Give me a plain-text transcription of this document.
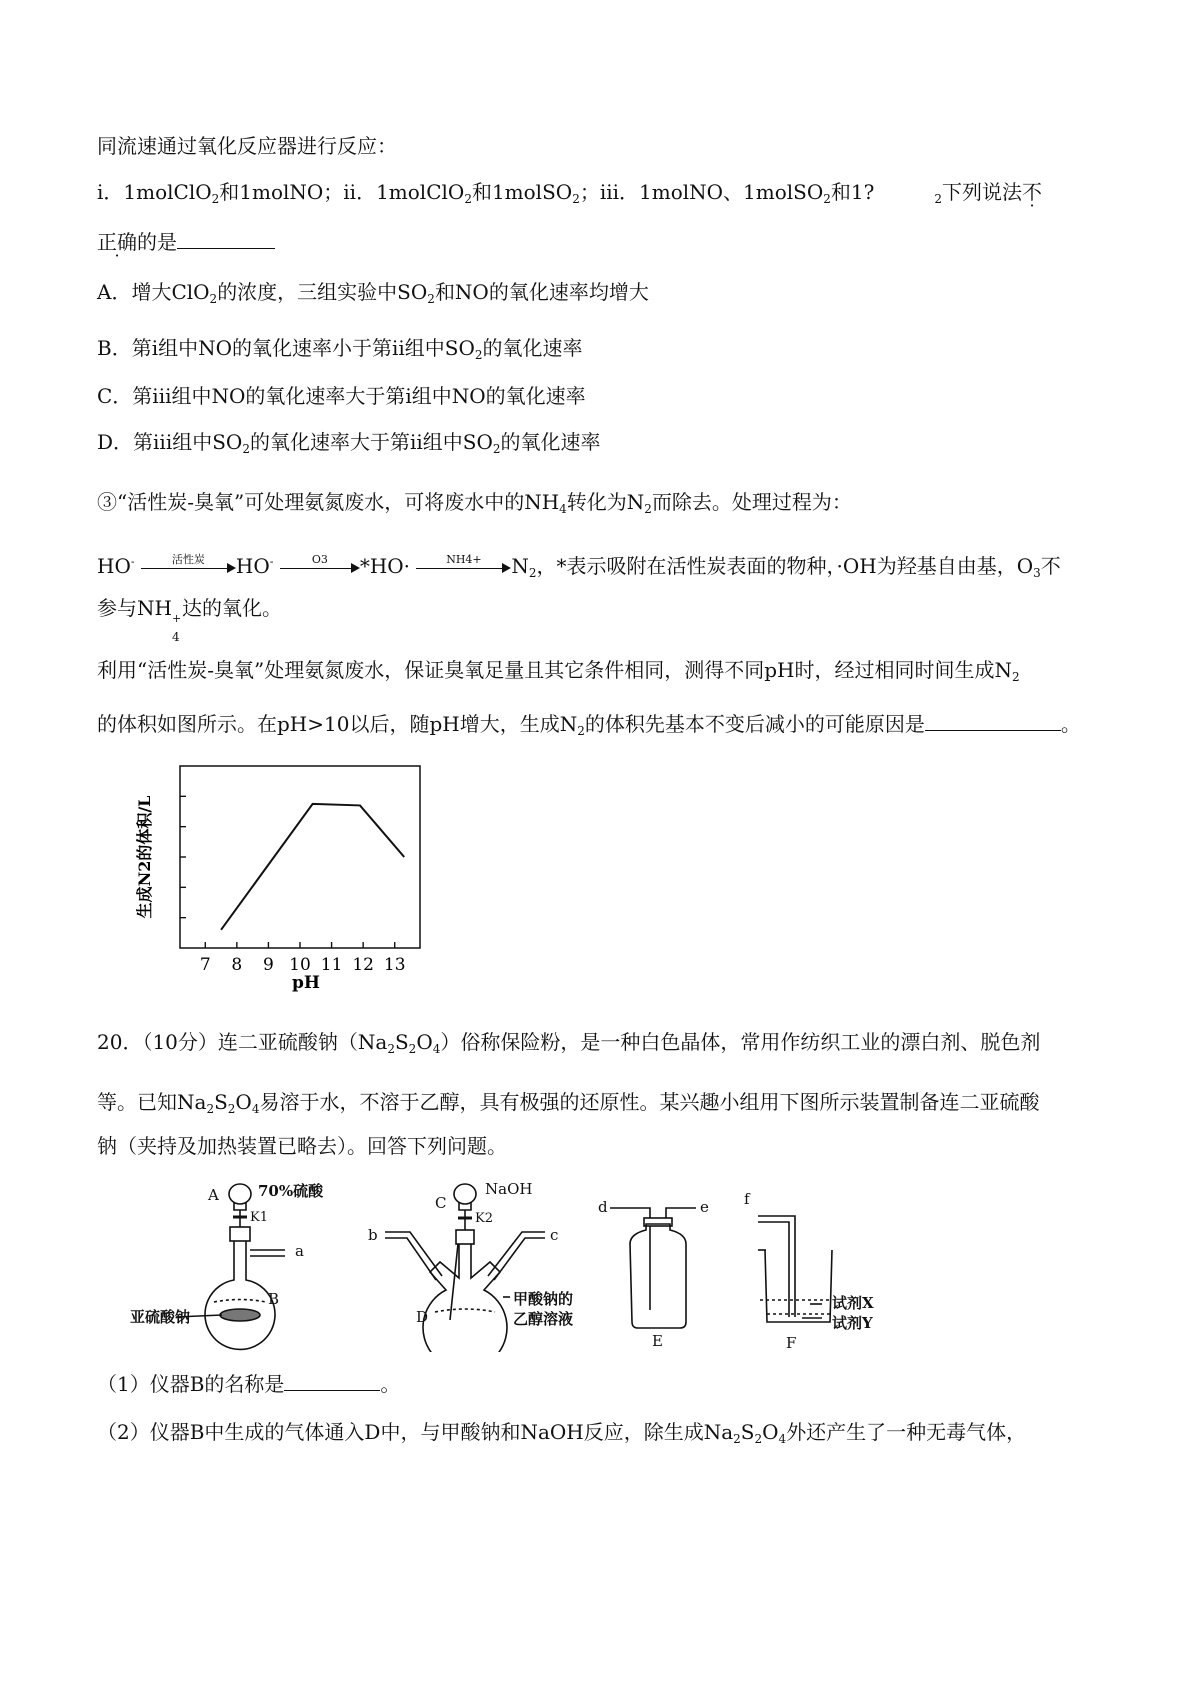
同流速通过氧化反应器进行反应：
i．1molClO$_2$和1molNO；ii．1molClO$_2$和1molSO$_2$；iii．1molNO、1molSO$_2$和1?	$_2$下列说法不
正确的是
A．增大ClO$_2$的浓度，三组实验中$SO_2$和NO的氧化速率均增大
B．第i组中NO的氧化速率小于第ii组中$SO_2$的氧化速率
C．第iii组中NO的氧化速率大于第i组中NO的氧化速率
D．第iii组中$SO_2$的氧化速率大于第ii组中$SO_2$的氧化速率
③“活性炭-臭氧”可处理氨氮废水，可将废水中的$NH_4$转化为$N_2$而除去。处理过程为：
HO-	活性炭	HO-	O3	*HO·	NH4+	$N_2$，*表示吸附在活性炭表面的物种，·OH为羟基自由基，$O_3$不
参与NH +
4
达的氧化。
利用“活性炭-臭氧”处理氨氮废水，保证臭氧足量且其它条件相同，测得不同pH时，经过相同时间生成$N_2$
的体积如图所示。在pH>10以后，随pH增大，生成$N_2$的体积先基本不变后减小的可能原因是	。
7 8 9 10 11 12 13
生成N2的体积/L
pH
20．（10分）连二亚硫酸钠$(Na_2S_2O_4)$俗称保险粉，是一种白色晶体，常用作纺织工业的漂白剂、脱色剂
等。已知$Na_2S_2O_4$易溶于水，不溶于乙醇，具有极强的还原性。某兴趣小组用下图所示装置制备连二亚硫酸
钠（夹持及加热装置已略去）。回答下列问题。
A	70%硫酸
K1
a
B
亚硫酸钠
C
NaOH
K2
b	c
D
甲酸钠的
乙醇溶液
d	e
E
f
试剂X
试剂Y
F
（1）仪器B的名称是	。
（2）仪器B中生成的气体通入D中，与甲酸钠和NaOH反应，除生成$Na_2S_2O_4$外还产生了一种无毒气体，
